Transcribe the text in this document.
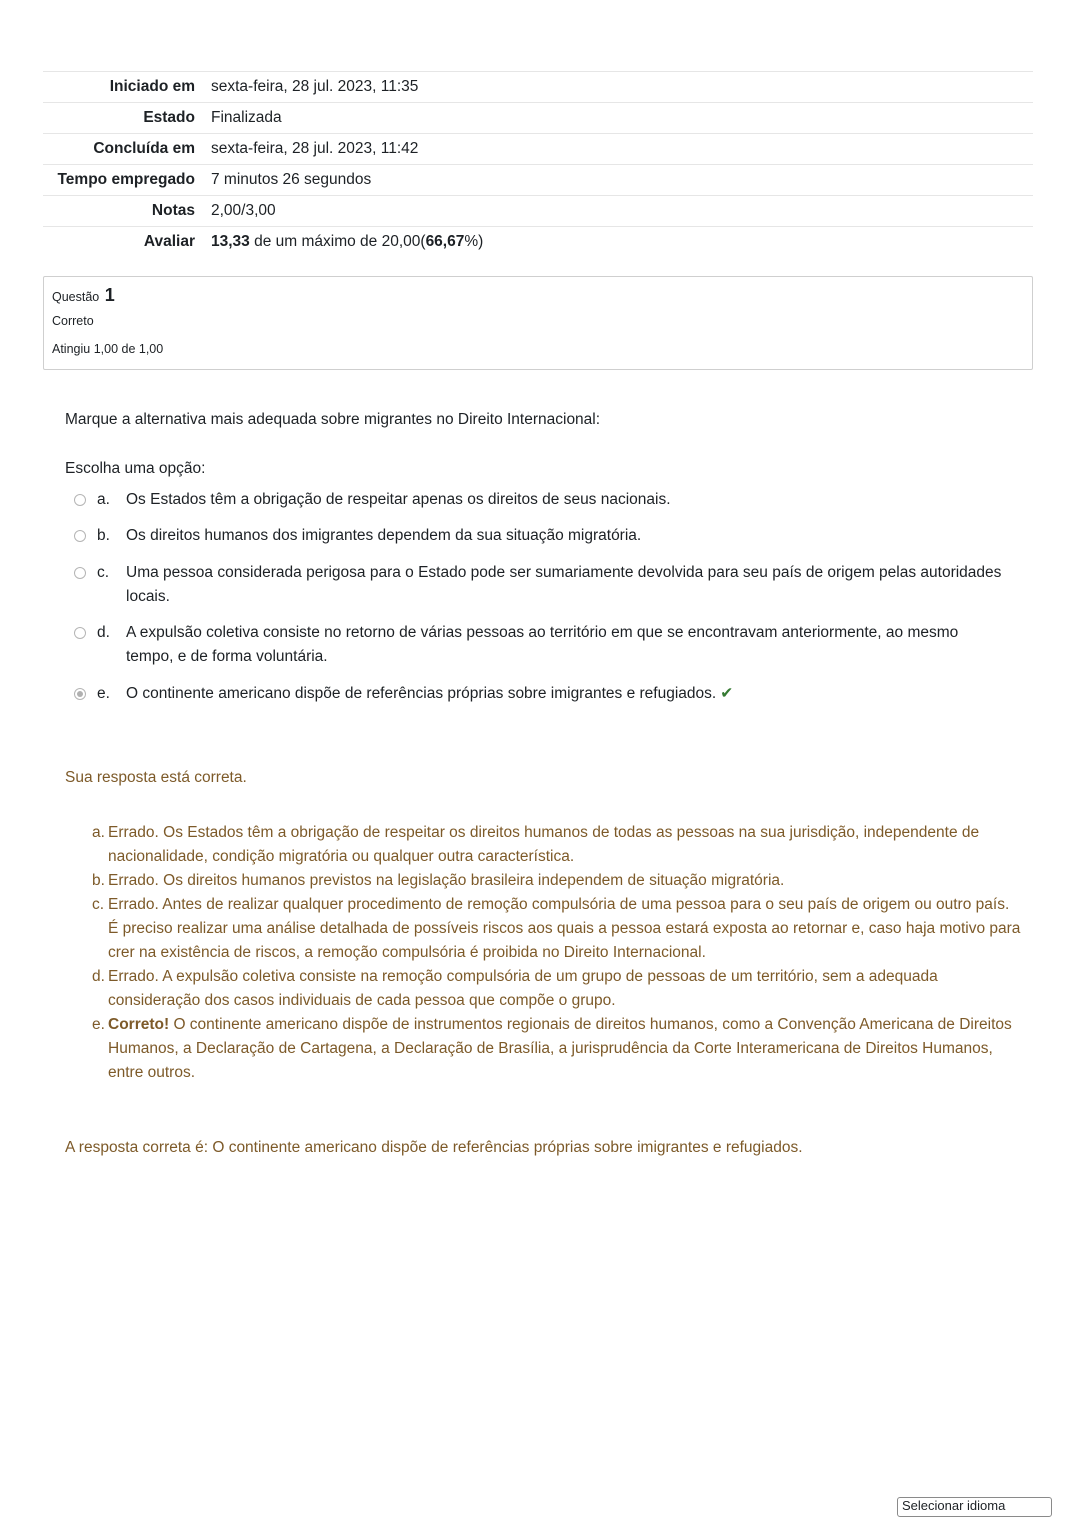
Iniciado em	sexta-feira, 28 jul. 2023, 11:35
Estado	Finalizada
Concluída em	sexta-feira, 28 jul. 2023, 11:42
Tempo empregado	7 minutos 26 segundos
Notas	2,00/3,00
Avaliar	13,33 de um máximo de 20,00(66,67%)
Questão 1
Correto
Atingiu 1,00 de 1,00
Marque a alternativa mais adequada sobre migrantes no Direito Internacional:
Escolha uma opção:
a. Os Estados têm a obrigação de respeitar apenas os direitos de seus nacionais.
b. Os direitos humanos dos imigrantes dependem da sua situação migratória.
c. Uma pessoa considerada perigosa para o Estado pode ser sumariamente devolvida para seu país de origem pelas autoridades locais.
d. A expulsão coletiva consiste no retorno de várias pessoas ao território em que se encontravam anteriormente, ao mesmo tempo, e de forma voluntária.
e. O continente americano dispõe de referências próprias sobre imigrantes e refugiados. ✔
Sua resposta está correta.
a. Errado. Os Estados têm a obrigação de respeitar os direitos humanos de todas as pessoas na sua jurisdição, independente de nacionalidade, condição migratória ou qualquer outra característica.
b. Errado. Os direitos humanos previstos na legislação brasileira independem de situação migratória.
c. Errado. Antes de realizar qualquer procedimento de remoção compulsória de uma pessoa para o seu país de origem ou outro país. É preciso realizar uma análise detalhada de possíveis riscos aos quais a pessoa estará exposta ao retornar e, caso haja motivo para crer na existência de riscos, a remoção compulsória é proibida no Direito Internacional.
d. Errado. A expulsão coletiva consiste na remoção compulsória de um grupo de pessoas de um território, sem a adequada consideração dos casos individuais de cada pessoa que compõe o grupo.
e. Correto! O continente americano dispõe de instrumentos regionais de direitos humanos, como a Convenção Americana de Direitos Humanos, a Declaração de Cartagena, a Declaração de Brasília, a jurisprudência da Corte Interamericana de Direitos Humanos, entre outros.
A resposta correta é: O continente americano dispõe de referências próprias sobre imigrantes e refugiados.
Selecionar idioma
